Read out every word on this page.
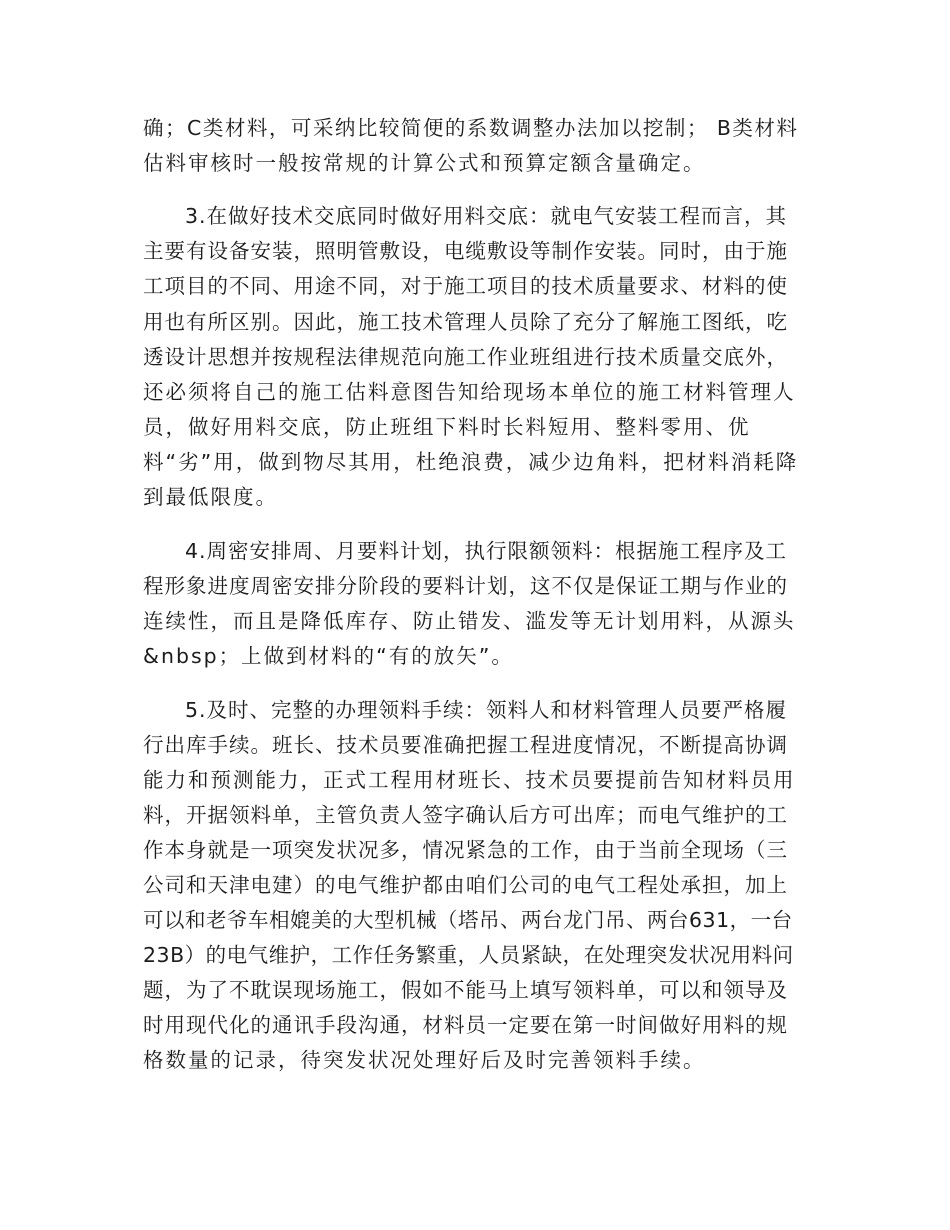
确；C类材料，可采纳比较简便的系数调整办法加以挖制； B类材料

估料审核时一般按常规的计算公式和预算定额含量确定。

3.在做好技术交底同时做好用料交底：就电气安装工程而言，其

主要有设备安装，照明管敷设，电缆敷设等制作安装。同时，由于施

工项目的不同、用途不同，对于施工项目的技术质量要求、材料的使

用也有所区别。因此，施工技术管理人员除了充分了解施工图纸，吃

透设计思想并按规程法律规范向施工作业班组进行技术质量交底外，

还必须将自己的施工估料意图告知给现场本单位的施工材料管理人

员，做好用料交底，防止班组下料时长料短用、整料零用、优

料“劣”用，做到物尽其用，杜绝浪费，减少边角料，把材料消耗降

到最低限度。

4.周密安排周、月要料计划，执行限额领料：根据施工程序及工

程形象进度周密安排分阶段的要料计划，这不仅是保证工期与作业的

连续性，而且是降低库存、防止错发、滥发等无计划用料，从源头

&nbsp；上做到材料的“有的放矢”。

5.及时、完整的办理领料手续：领料人和材料管理人员要严格履

行出库手续。班长、技术员要准确把握工程进度情况，不断提高协调

能力和预测能力，正式工程用材班长、技术员要提前告知材料员用

料，开据领料单，主管负责人签字确认后方可出库；而电气维护的工

作本身就是一项突发状况多，情况紧急的工作，由于当前全现场（三

公司和天津电建）的电气维护都由咱们公司的电气工程处承担，加上

可以和老爷车相媲美的大型机械（塔吊、两台龙门吊、两台631，一台

23B）的电气维护，工作任务繁重，人员紧缺，在处理突发状况用料问

题，为了不耽误现场施工，假如不能马上填写领料单，可以和领导及

时用现代化的通讯手段沟通，材料员一定要在第一时间做好用料的规

格数量的记录，待突发状况处理好后及时完善领料手续。
